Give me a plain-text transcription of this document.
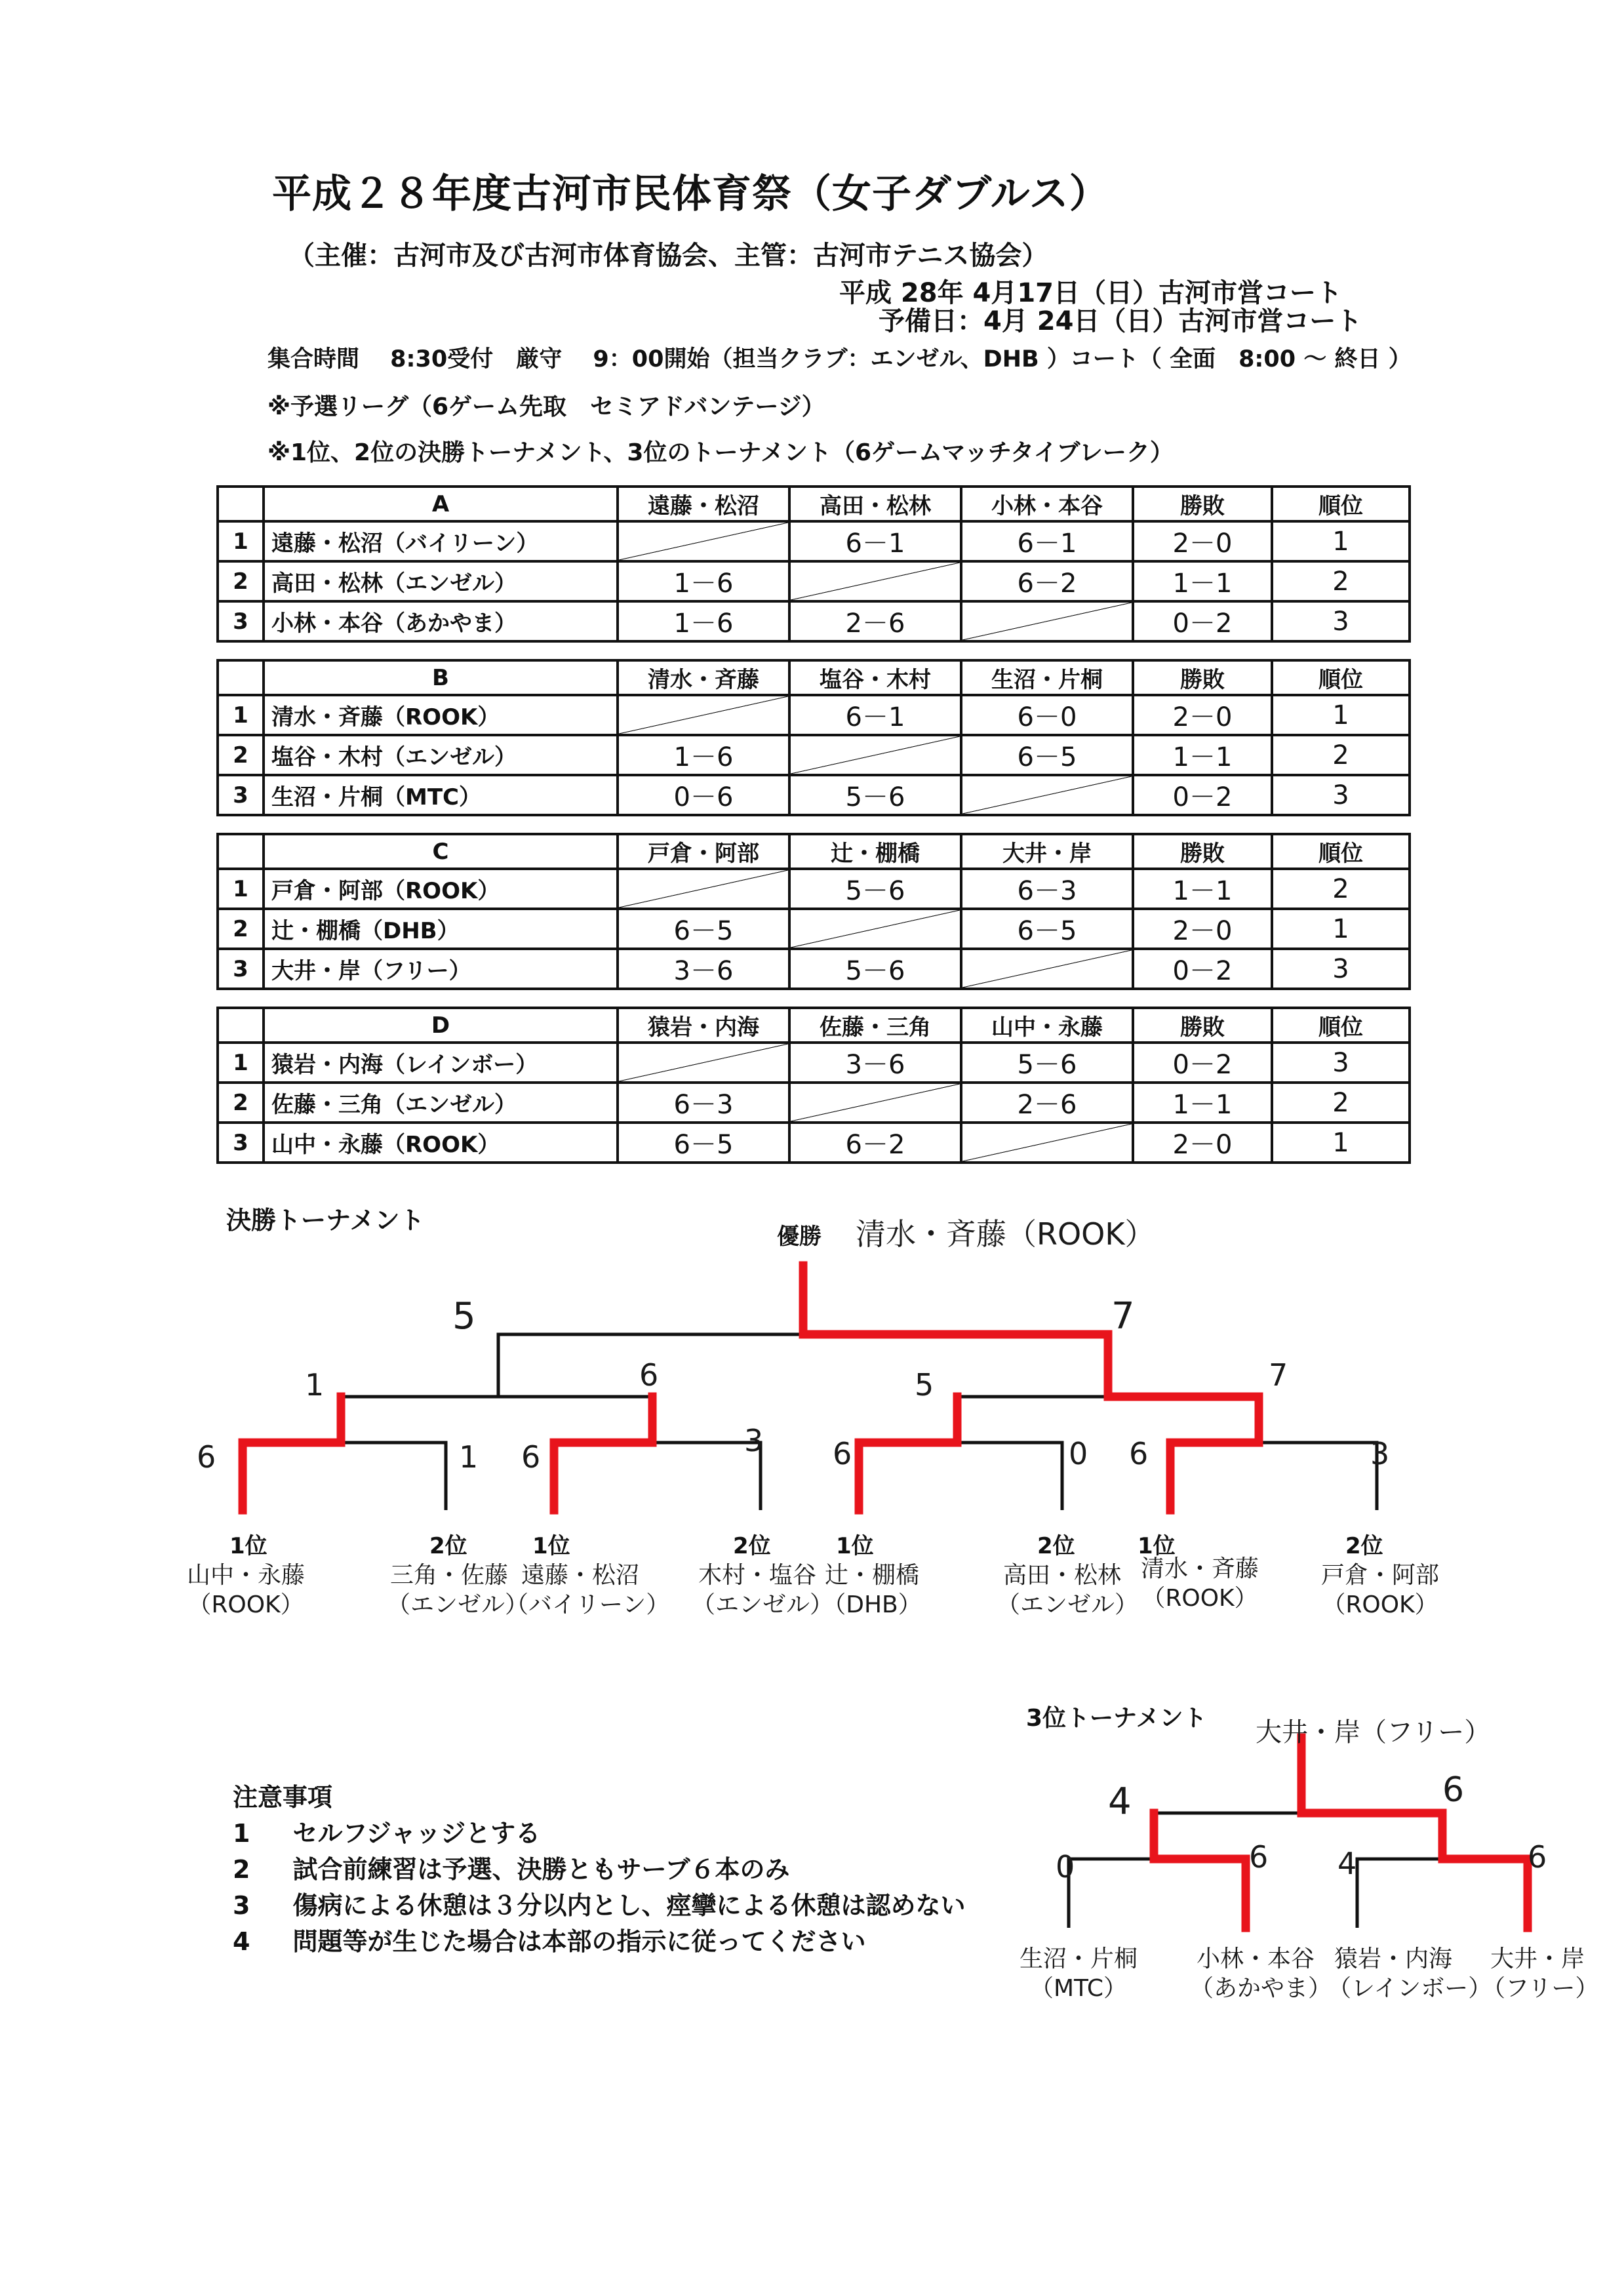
平成２８年度古河市民体育祭（女子ダブルス）
（主催：古河市及び古河市体育協会、主管：古河市テニス協会）
平成 28年 4月17日（日）古河市営コート
予備日：4月 24日（日）古河市営コート
集合時間　 8:30受付　厳守　 9：00開始（担当クラブ：エンゼル、DHB ）コート（ 全面　8:00 ～ 終日 ）
※予選リーグ（6ゲーム先取　セミアドバンテージ）
※1位、2位の決勝トーナメント、3位のトーナメント（6ゲームマッチタイブレーク）
	A	遠藤・松沼	高田・松林	小林・本谷	勝敗	順位
1	遠藤・松沼（バイリーン）		6－1	6－1	2－0	1
2	高田・松林（エンゼル）	1－6		6－2	1－1	2
3	小林・本谷（あかやま）	1－6	2－6		0－2	3
	B	清水・斉藤	塩谷・木村	生沼・片桐	勝敗	順位
1	清水・斉藤（ROOK）		6－1	6－0	2－0	1
2	塩谷・木村（エンゼル）	1－6		6－5	1－1	2
3	生沼・片桐（MTC）	0－6	5－6		0－2	3
	C	戸倉・阿部	辻・棚橋	大井・岸	勝敗	順位
1	戸倉・阿部（ROOK）		5－6	6－3	1－1	2
2	辻・棚橋（DHB）	6－5		6－5	2－0	1
3	大井・岸（フリー）	3－6	5－6		0－2	3
	D	猿岩・内海	佐藤・三角	山中・永藤	勝敗	順位
1	猿岩・内海（レインボー）		3－6	5－6	0－2	3
2	佐藤・三角（エンゼル）	6－3		2－6	1－1	2
3	山中・永藤（ROOK）	6－5	6－2		2－0	1
決勝トーナメント
優勝 清水・斉藤（ROOK）
6	1 6	3 6	0 6	3
1	6	5	7
5	7
1位	2位	1位	2位	1位	2位	1位	2位
山中・永藤
（ROOK）
三角・佐藤
（エンゼル）
遠藤・松沼
（バイリーン）
木村・塩谷
（エンゼル）
辻・棚橋
（DHB）
高田・松林
（エンゼル）
清水・斉藤
（ROOK）
戸倉・阿部
（ROOK）
3位トーナメント 大井・岸（フリー）
4	6
0	6 4	6
生沼・片桐
（MTC）
小林・本谷
（あかやま）
猿岩・内海
（レインボー）
大井・岸
（フリー）
注意事項
1 セルフジャッジとする
2 試合前練習は予選、決勝ともサーブ６本のみ
3 傷病による休憩は３分以内とし、痙攣による休憩は認めない
4 問題等が生じた場合は本部の指示に従ってください
